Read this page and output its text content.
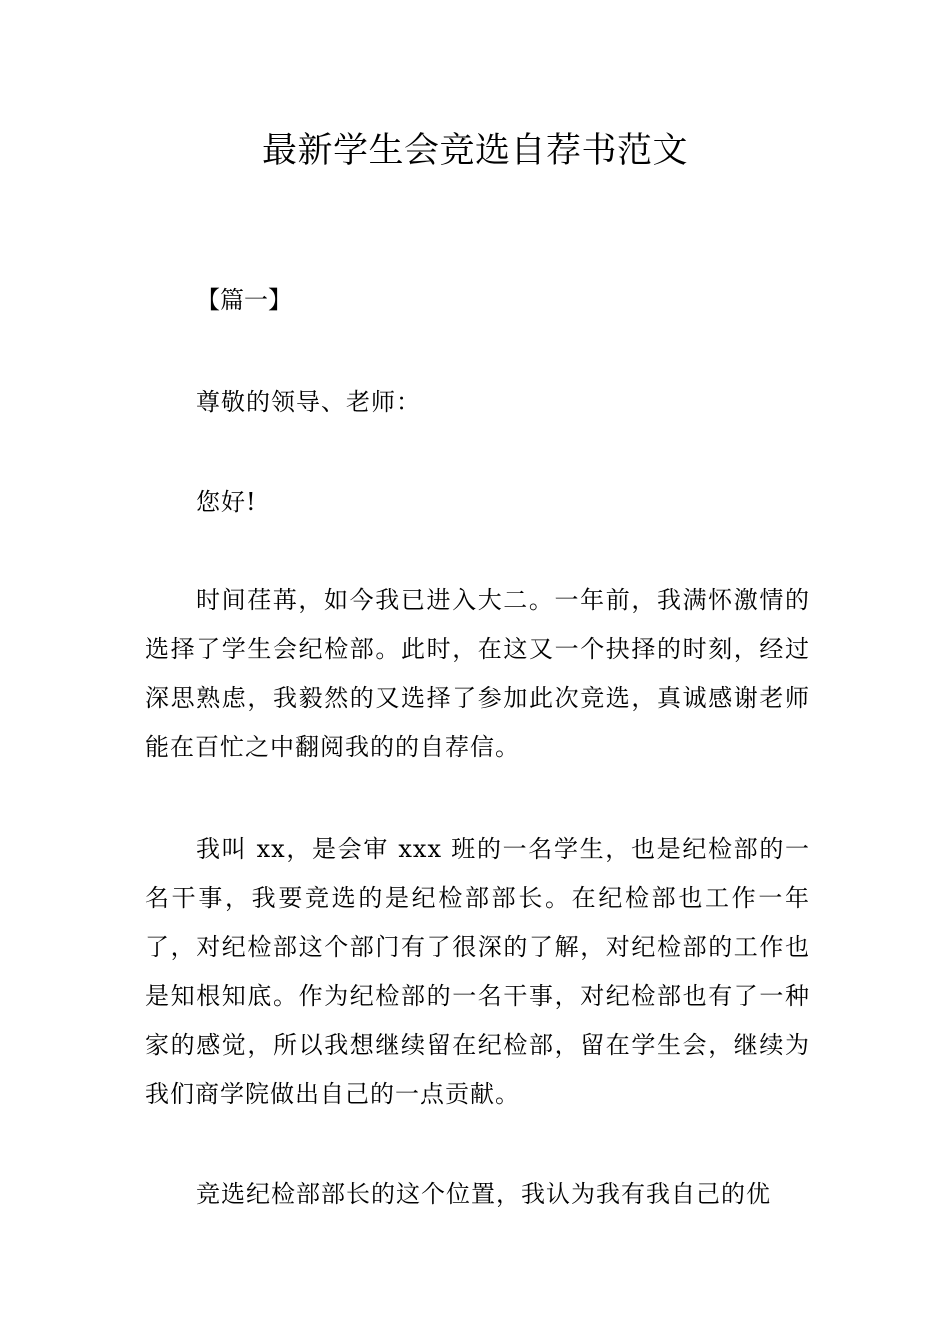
最新学生会竞选自荐书范文
【篇一】

尊敬的领导、老师：

您好!

时间荏苒，如今我已进入大二。一年前，我满怀激情的选择了学生会纪检部。此时，在这又一个抉择的时刻，经过深思熟虑，我毅然的又选择了参加此次竞选，真诚感谢老师能在百忙之中翻阅我的的自荐信。

我叫 xx，是会审 xxx 班的一名学生，也是纪检部的一名干事，我要竞选的是纪检部部长。在纪检部也工作一年了，对纪检部这个部门有了很深的了解，对纪检部的工作也是知根知底。作为纪检部的一名干事，对纪检部也有了一种家的感觉，所以我想继续留在纪检部，留在学生会，继续为我们商学院做出自己的一点贡献。

竞选纪检部部长的这个位置，我认为我有我自己的优
